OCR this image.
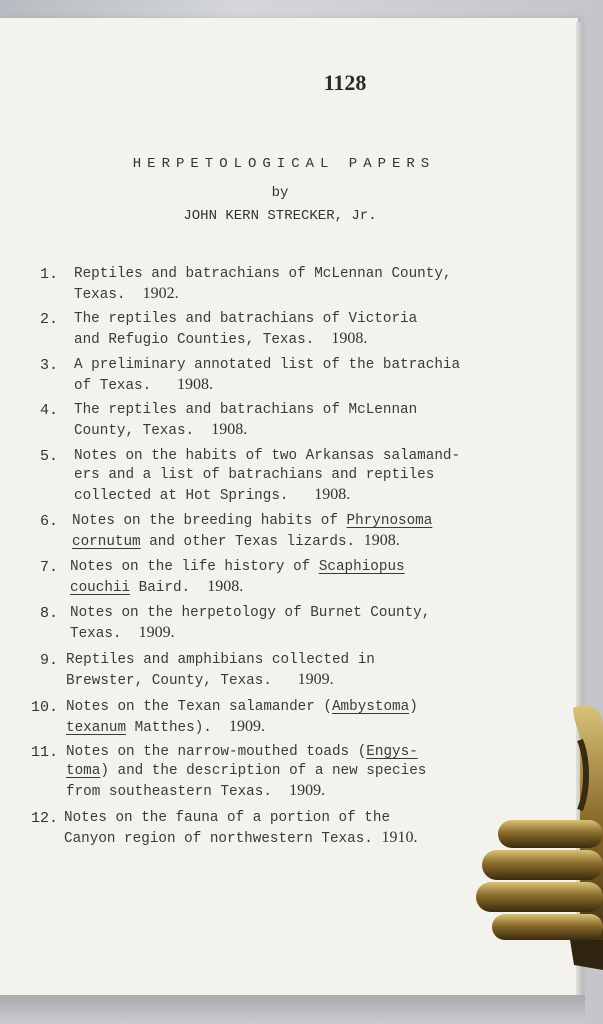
1128
HERPETOLOGICAL PAPERS
by
JOHN KERN STRECKER, Jr.
1. Reptiles and batrachians of McLennan County,
Texas. 1902.
2. The reptiles and batrachians of Victoria
and Refugio Counties, Texas. 1908.
3. A preliminary annotated list of the batrachia
of Texas. 1908.
4. The reptiles and batrachians of McLennan
County, Texas. 1908.
5. Notes on the habits of two Arkansas salamand-
ers and a list of batrachians and reptiles
collected at Hot Springs. 1908.
6. Notes on the breeding habits of Phrynosoma
cornutum and other Texas lizards. 1908.
7. Notes on the life history of Scaphiopus
couchii Baird. 1908.
8. Notes on the herpetology of Burnet County,
Texas. 1909.
9. Reptiles and amphibians collected in
Brewster, County, Texas. 1909.
10. Notes on the Texan salamander (Ambystoma)
texanum Matthes). 1909.
11. Notes on the narrow-mouthed toads (Engys-
toma) and the description of a new species
from southeastern Texas. 1909.
12. Notes on the fauna of a portion of the
Canyon region of northwestern Texas. 1910.
